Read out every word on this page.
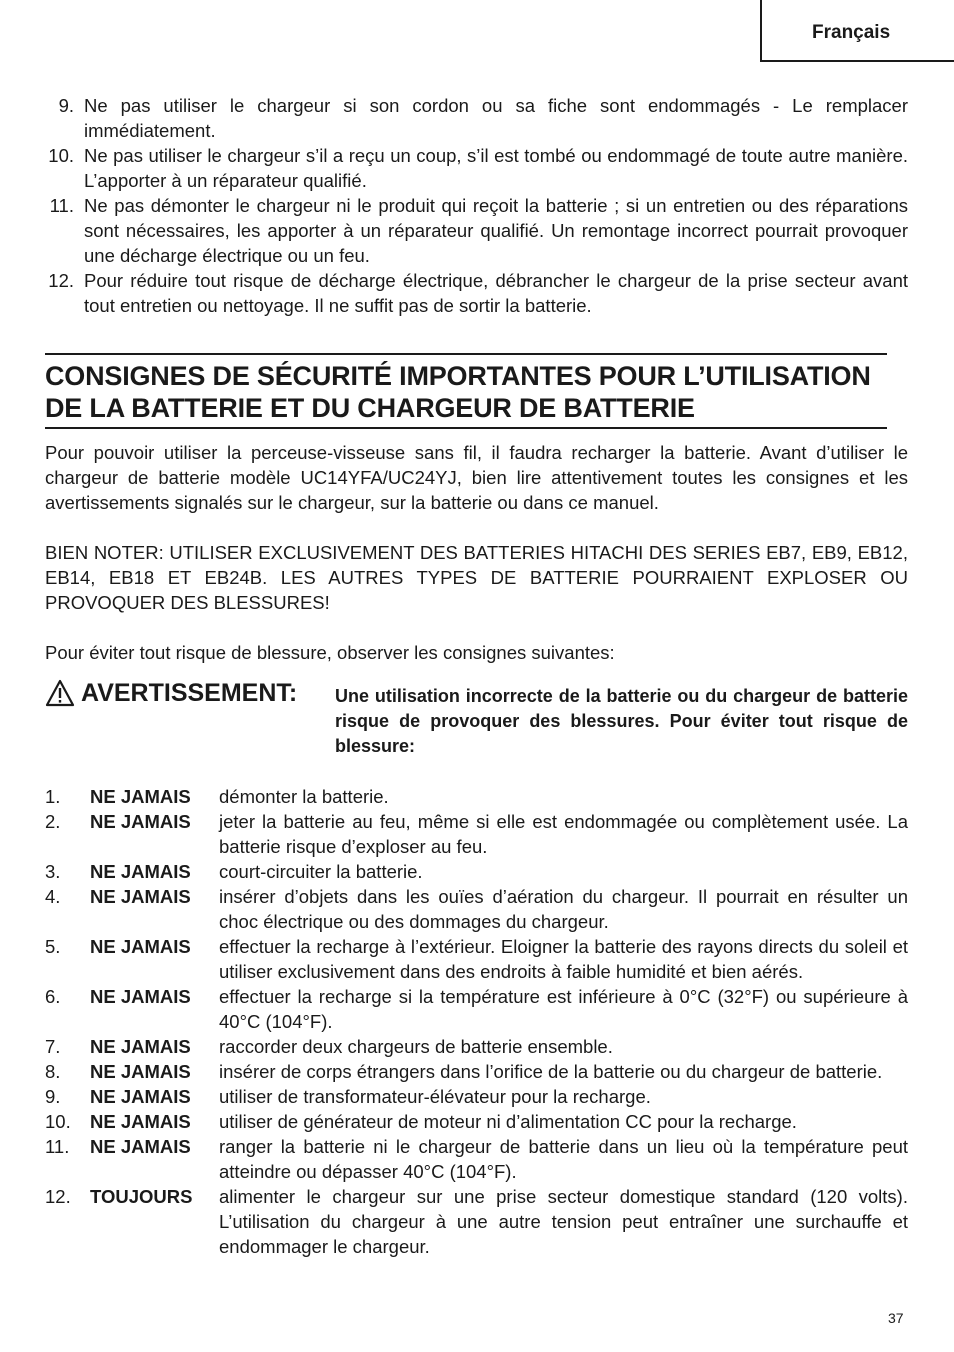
Français
9. Ne pas utiliser le chargeur si son cordon ou sa fiche sont endommagés - Le remplacer immédiatement.
10. Ne pas utiliser le chargeur s’il a reçu un coup, s’il est tombé ou endommagé de toute autre manière. L’apporter à un réparateur qualifié.
11. Ne pas démonter le chargeur ni le produit qui reçoit la batterie ; si un entretien ou des réparations sont nécessaires, les apporter à un réparateur qualifié. Un remontage incorrect pourrait provoquer une décharge électrique ou un feu.
12. Pour réduire tout risque de décharge électrique, débrancher le chargeur de la prise secteur avant tout entretien ou nettoyage. Il ne suffit pas de sortir la batterie.
CONSIGNES DE SÉCURITÉ IMPORTANTES POUR L’UTILISATION
DE LA BATTERIE ET DU CHARGEUR DE BATTERIE
Pour pouvoir utiliser la perceuse-visseuse sans fil, il faudra recharger la batterie. Avant d’utiliser le chargeur de batterie modèle UC14YFA/UC24YJ, bien lire attentivement toutes les consignes et les avertissements signalés sur le chargeur, sur la batterie ou dans ce manuel.
BIEN NOTER: UTILISER EXCLUSIVEMENT DES BATTERIES HITACHI DES SERIES EB7, EB9, EB12, EB14, EB18 ET EB24B. LES AUTRES TYPES DE BATTERIE POURRAIENT EXPLOSER OU PROVOQUER DES BLESSURES!
Pour éviter tout risque de blessure, observer les consignes suivantes:
AVERTISSEMENT: Une utilisation incorrecte de la batterie ou du chargeur de batterie risque de provoquer des blessures. Pour éviter tout risque de blessure:
1.	NE JAMAIS	démonter la batterie.
2.	NE JAMAIS	jeter la batterie au feu, même si elle est endommagée ou complètement usée. La batterie risque d’exploser au feu.
3.	NE JAMAIS	court-circuiter la batterie.
4.	NE JAMAIS	insérer d’objets dans les ouïes d’aération du chargeur. Il pourrait en résulter un choc électrique ou des dommages du chargeur.
5.	NE JAMAIS	effectuer la recharge à l’extérieur. Eloigner la batterie des rayons directs du soleil et utiliser exclusivement dans des endroits à faible humidité et bien aérés.
6.	NE JAMAIS	effectuer la recharge si la température est inférieure à 0°C (32°F) ou supérieure à 40°C (104°F).
7.	NE JAMAIS	raccorder deux chargeurs de batterie ensemble.
8.	NE JAMAIS	insérer de corps étrangers dans l’orifice de la batterie ou du chargeur de batterie.
9.	NE JAMAIS	utiliser de transformateur-élévateur pour la recharge.
10.	NE JAMAIS	utiliser de générateur de moteur ni d’alimentation CC pour la recharge.
11.	NE JAMAIS	ranger la batterie ni le chargeur de batterie dans un lieu où la température peut atteindre ou dépasser 40°C (104°F).
12.	TOUJOURS	alimenter le chargeur sur une prise secteur domestique standard (120 volts). L’utilisation du chargeur à une autre tension peut entraîner une surchauffe et endommager le chargeur.
37
